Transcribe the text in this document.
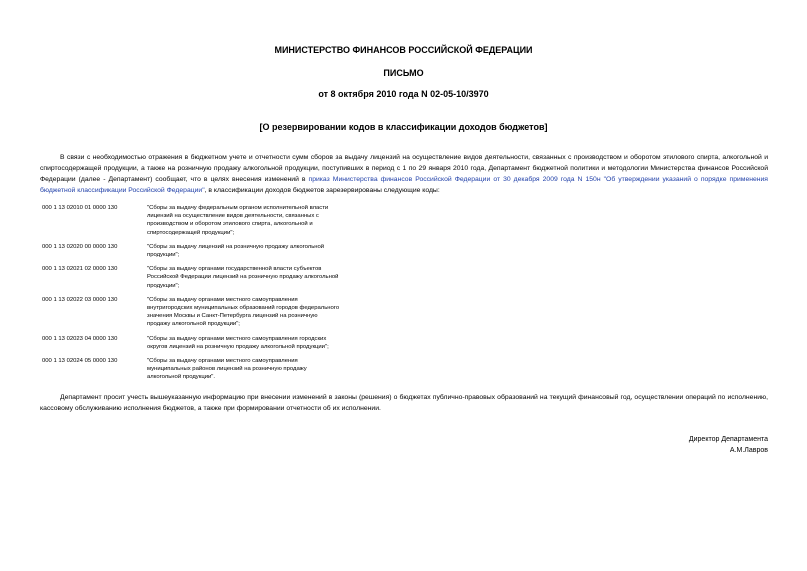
МИНИСТЕРСТВО ФИНАНСОВ РОССИЙСКОЙ ФЕДЕРАЦИИ
ПИСЬМО
от 8 октября 2010 года N 02-05-10/3970
[О резервировании кодов в классификации доходов бюджетов]
В связи с необходимостью отражения в бюджетном учете и отчетности сумм сборов за выдачу лицензий на осуществление видов деятельности, связанных с производством и оборотом этилового спирта, алкогольной и спиртосодержащей продукции, а также на розничную продажу алкогольной продукции, поступивших в период с 1 по 29 января 2010 года, Департамент бюджетной политики и методологии Министерства финансов Российской Федерации (далее - Департамент) сообщает, что в целях внесения изменений в приказ Министерства финансов Российской Федерации от 30 декабря 2009 года N 150н "Об утверждении указаний о порядке применения бюджетной классификации Российской Федерации", в классификации доходов бюджетов зарезервированы следующие коды:
000 1 13 02010 01 0000 130	"Сборы за выдачу федеральным органом исполнительной власти лицензий на осуществление видов деятельности, связанных с производством и оборотом этилового спирта, алкогольной и спиртосодержащей продукции";
000 1 13 02020 00 0000 130	"Сборы за выдачу лицензий на розничную продажу алкогольной продукции";
000 1 13 02021 02 0000 130	"Сборы за выдачу органами государственной власти субъектов Российской Федерации лицензий на розничную продажу алкогольной продукции";
000 1 13 02022 03 0000 130	"Сборы за выдачу органами местного самоуправления внутригородских муниципальных образований городов федерального значения Москвы и Санкт-Петербурга лицензий на розничную продажу алкогольной продукции";
000 1 13 02023 04 0000 130	"Сборы за выдачу органами местного самоуправления городских округов лицензий на розничную продажу алкогольной продукции";
000 1 13 02024 05 0000 130	"Сборы за выдачу органами местного самоуправления муниципальных районов лицензий на розничную продажу алкогольной продукции".
Департамент просит учесть вышеуказанную информацию при внесении изменений в законы (решения) о бюджетах публично-правовых образований на текущий финансовый год, осуществлении операций по исполнению, кассовому обслуживанию исполнения бюджетов, а также при формировании отчетности об их исполнении.
Директор Департамента
А.М.Лавров
